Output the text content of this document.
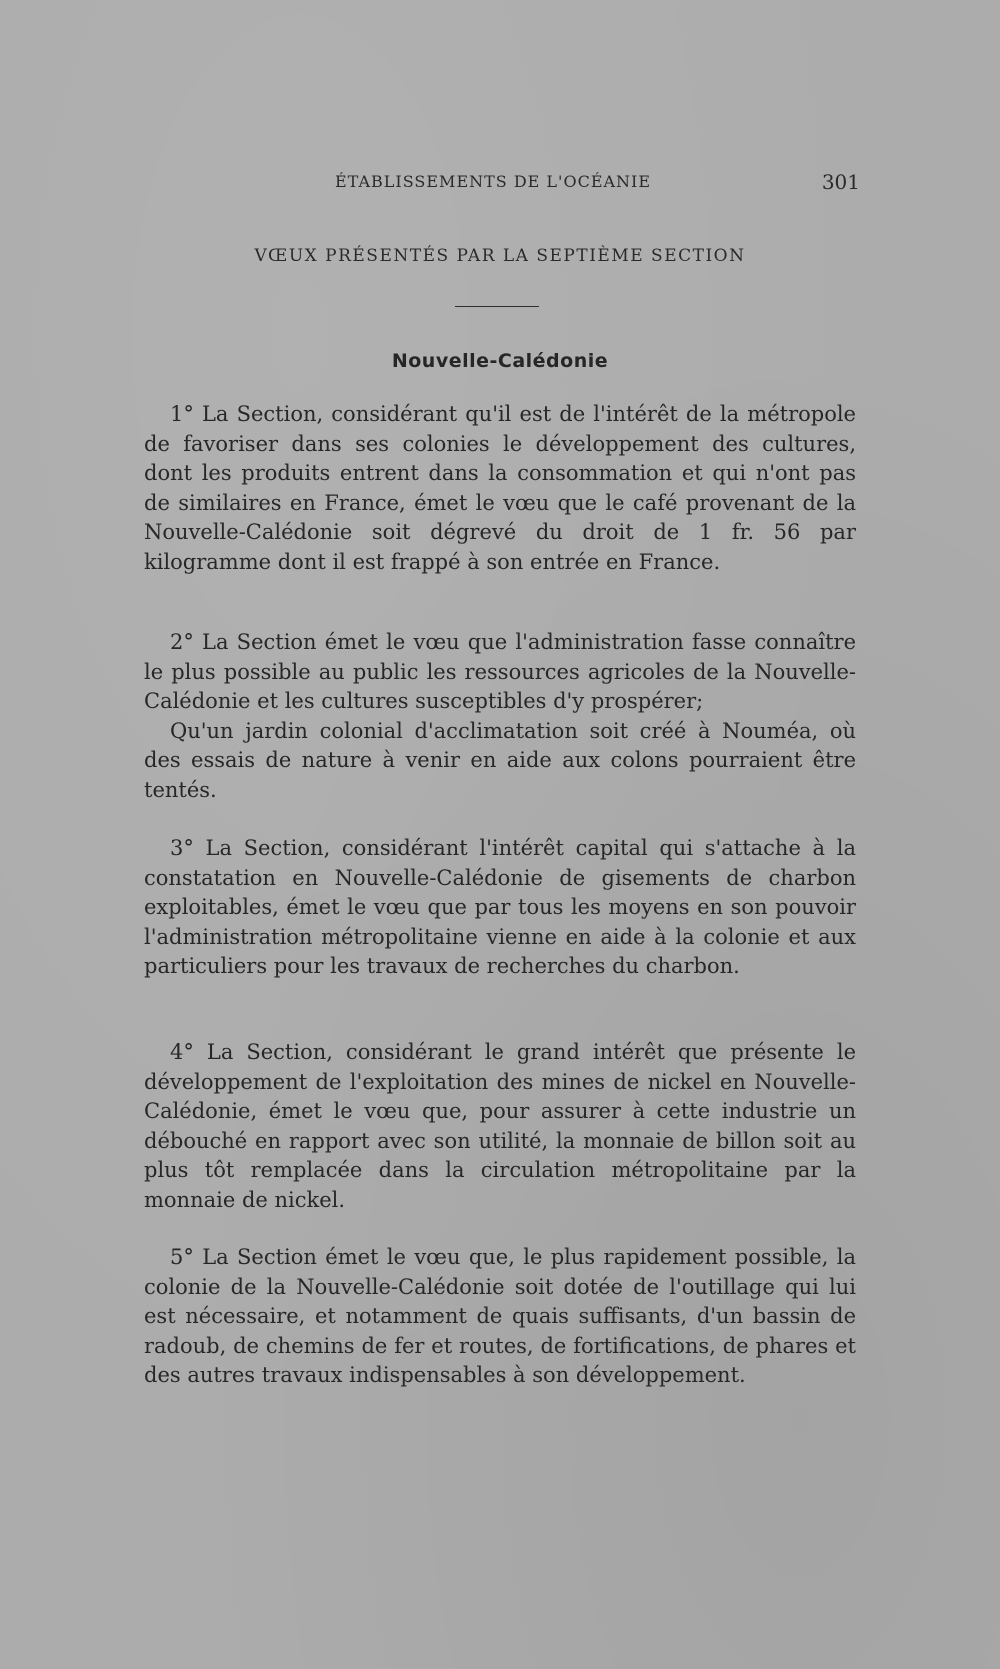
ÉTABLISSEMENTS DE L'OCÉANIE	301
VŒUX PRÉSENTÉS PAR LA SEPTIÈME SECTION
Nouvelle-Calédonie

1° La Section, considérant qu'il est de l'intérêt de la métropole de favoriser dans ses colonies le développement des cultures, dont les produits entrent dans la consommation et qui n'ont pas de similaires en France, émet le vœu que le café provenant de la Nouvelle-Calédonie soit dégrevé du droit de 1 fr. 56 par kilogramme dont il est frappé à son entrée en France.

2° La Section émet le vœu que l'administration fasse connaître le plus possible au public les ressources agricoles de la Nouvelle-Calédonie et les cultures susceptibles d'y prospérer;

Qu'un jardin colonial d'acclimatation soit créé à Nouméa, où des essais de nature à venir en aide aux colons pourraient être tentés.

3° La Section, considérant l'intérêt capital qui s'attache à la constatation en Nouvelle-Calédonie de gisements de charbon exploitables, émet le vœu que par tous les moyens en son pouvoir l'administration métropolitaine vienne en aide à la colonie et aux particuliers pour les travaux de recherches du charbon.

4° La Section, considérant le grand intérêt que présente le développement de l'exploitation des mines de nickel en Nouvelle-Calédonie, émet le vœu que, pour assurer à cette industrie un débouché en rapport avec son utilité, la monnaie de billon soit au plus tôt remplacée dans la circulation métropolitaine par la monnaie de nickel.

5° La Section émet le vœu que, le plus rapidement possible, la colonie de la Nouvelle-Calédonie soit dotée de l'outillage qui lui est nécessaire, et notamment de quais suffisants, d'un bassin de radoub, de chemins de fer et routes, de fortifications, de phares et des autres travaux indispensables à son développement.
